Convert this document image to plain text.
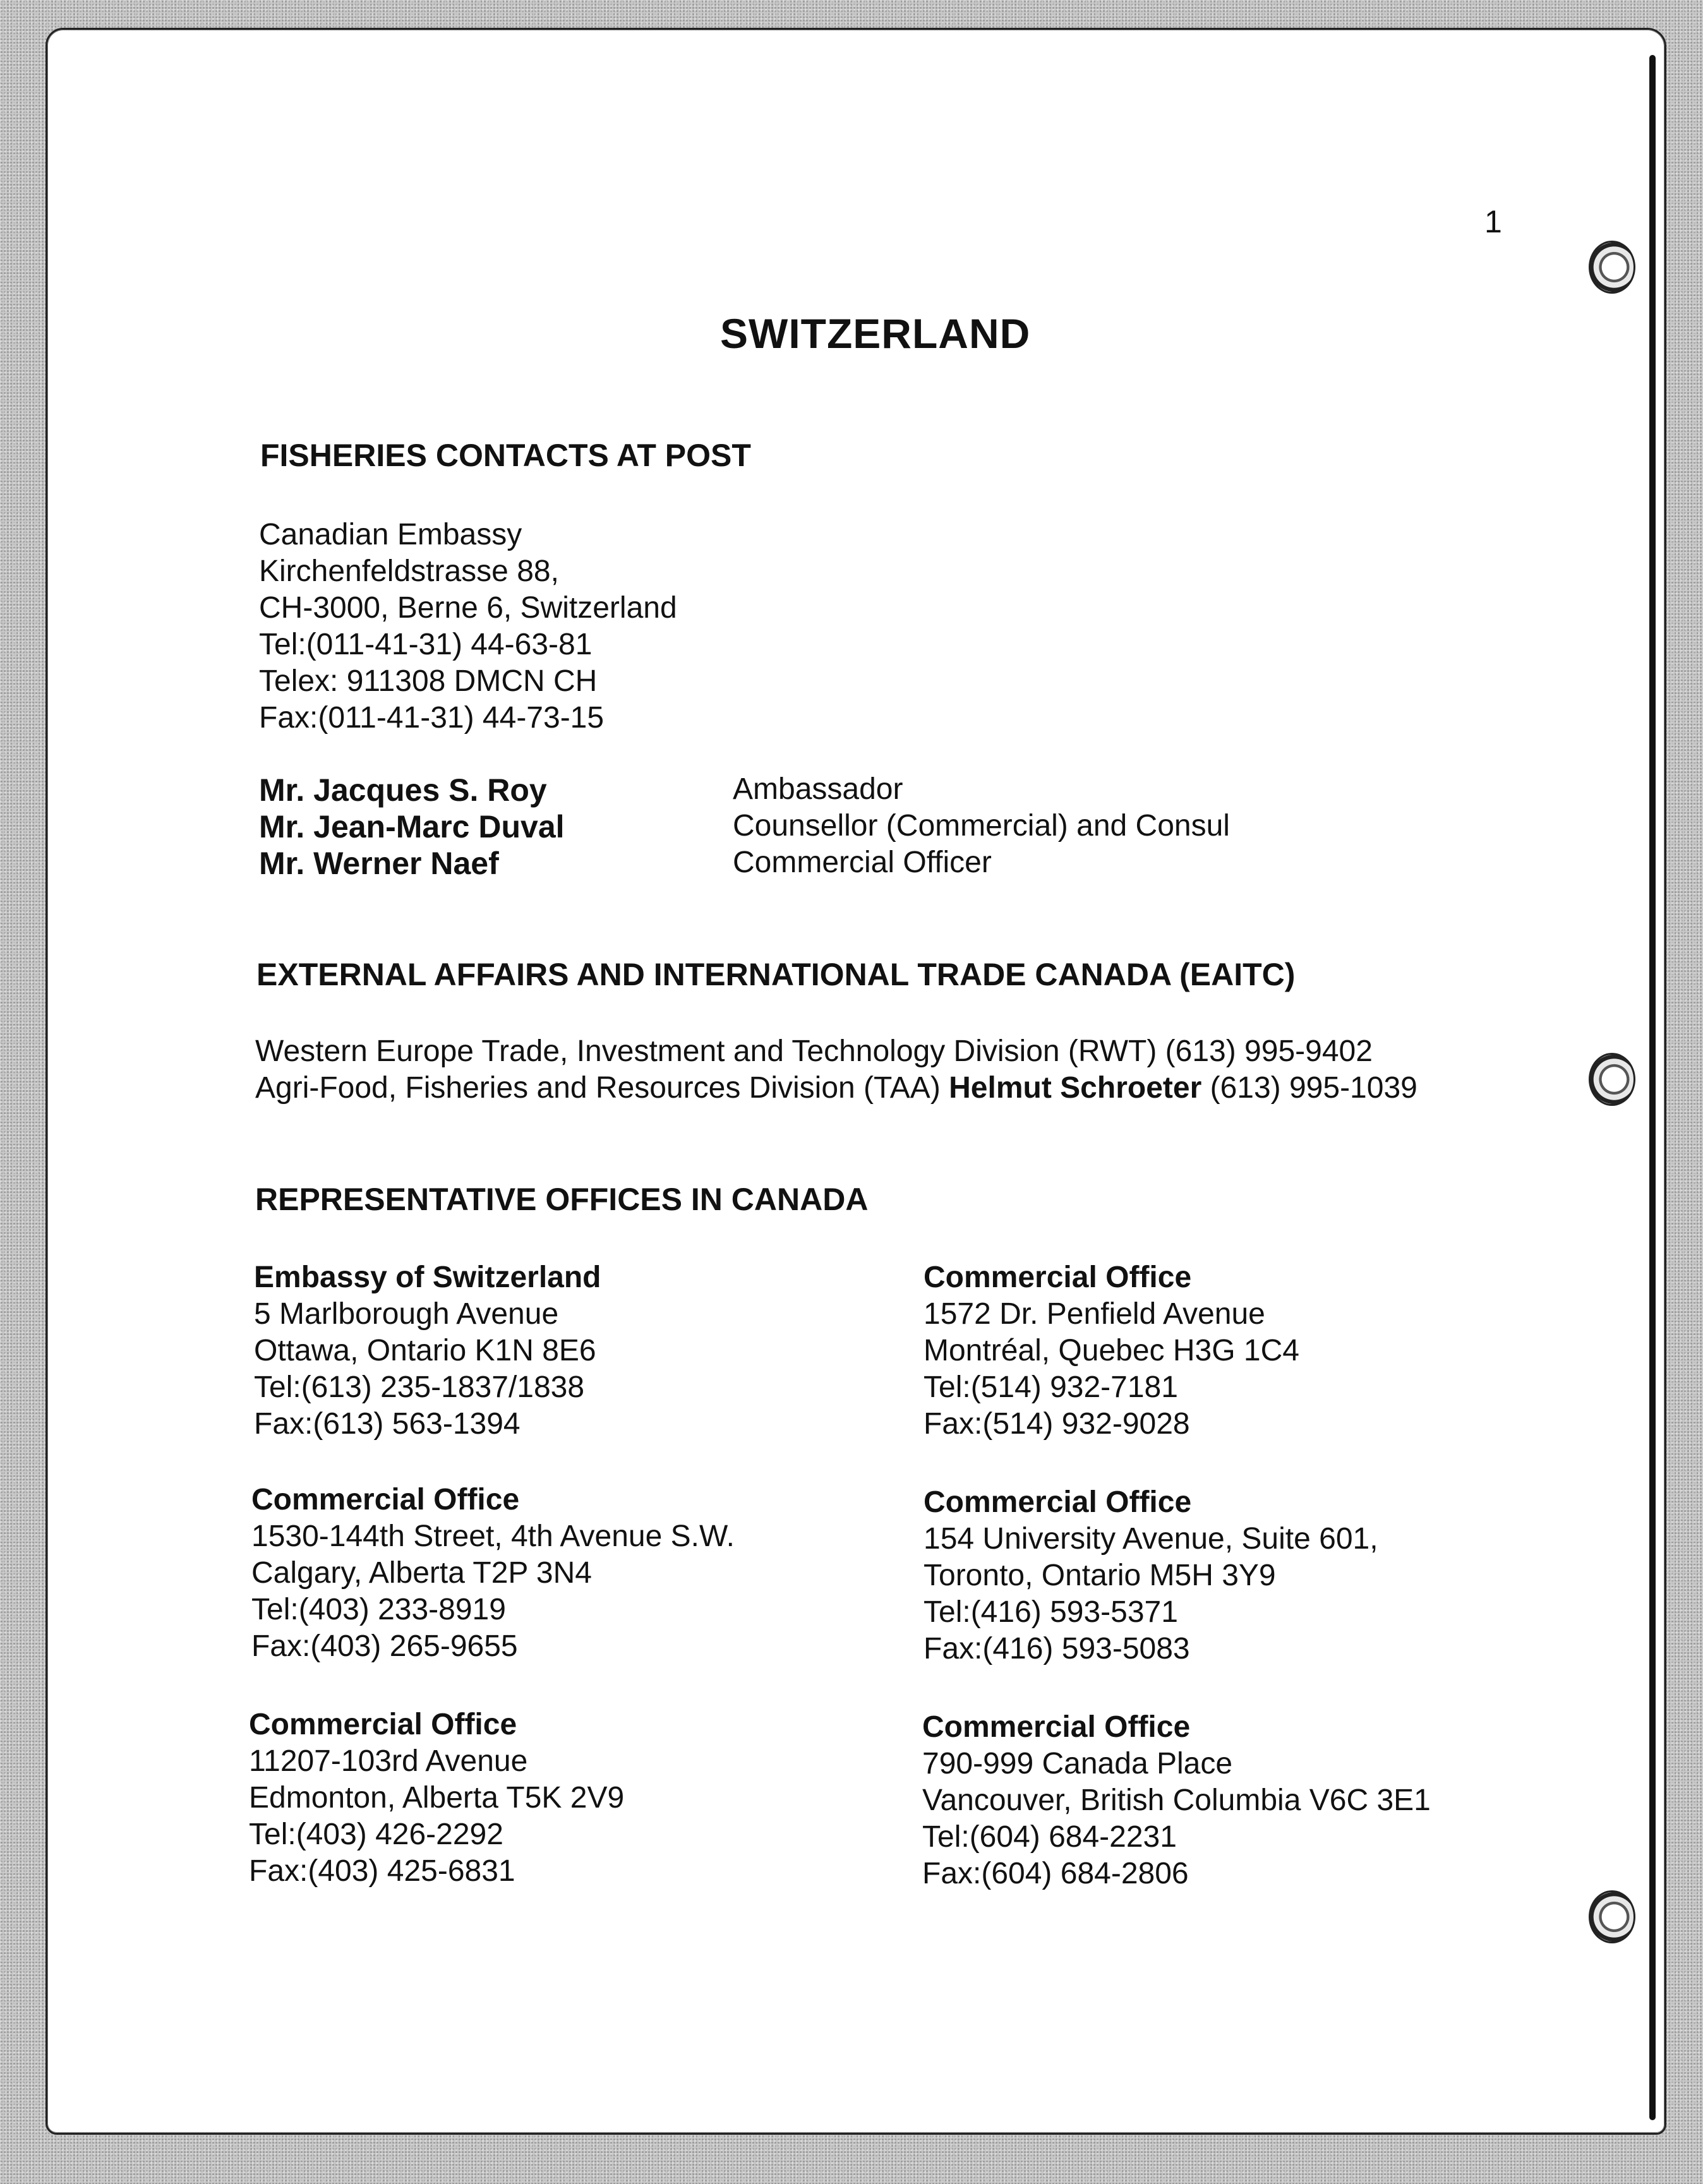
1
SWITZERLAND
FISHERIES CONTACTS AT POST
Canadian Embassy
Kirchenfeldstrasse 88,
CH-3000, Berne 6, Switzerland
Tel:(011-41-31) 44-63-81
Telex: 911308 DMCN CH
Fax:(011-41-31) 44-73-15
Mr. Jacques S. Roy	Ambassador
Mr. Jean-Marc Duval	Counsellor (Commercial) and Consul
Mr. Werner Naef	Commercial Officer
EXTERNAL AFFAIRS AND INTERNATIONAL TRADE CANADA (EAITC)
Western Europe Trade, Investment and Technology Division (RWT) (613) 995-9402
Agri-Food, Fisheries and Resources Division (TAA) Helmut Schroeter (613) 995-1039
REPRESENTATIVE OFFICES IN CANADA
Embassy of Switzerland
5 Marlborough Avenue
Ottawa, Ontario K1N 8E6
Tel:(613) 235-1837/1838
Fax:(613) 563-1394
Commercial Office
1530-144th Street, 4th Avenue S.W.
Calgary, Alberta T2P 3N4
Tel:(403) 233-8919
Fax:(403) 265-9655
Commercial Office
11207-103rd Avenue
Edmonton, Alberta T5K 2V9
Tel:(403) 426-2292
Fax:(403) 425-6831
Commercial Office
1572 Dr. Penfield Avenue
Montréal, Quebec H3G 1C4
Tel:(514) 932-7181
Fax:(514) 932-9028
Commercial Office
154 University Avenue, Suite 601,
Toronto, Ontario M5H 3Y9
Tel:(416) 593-5371
Fax:(416) 593-5083
Commercial Office
790-999 Canada Place
Vancouver, British Columbia V6C 3E1
Tel:(604) 684-2231
Fax:(604) 684-2806
